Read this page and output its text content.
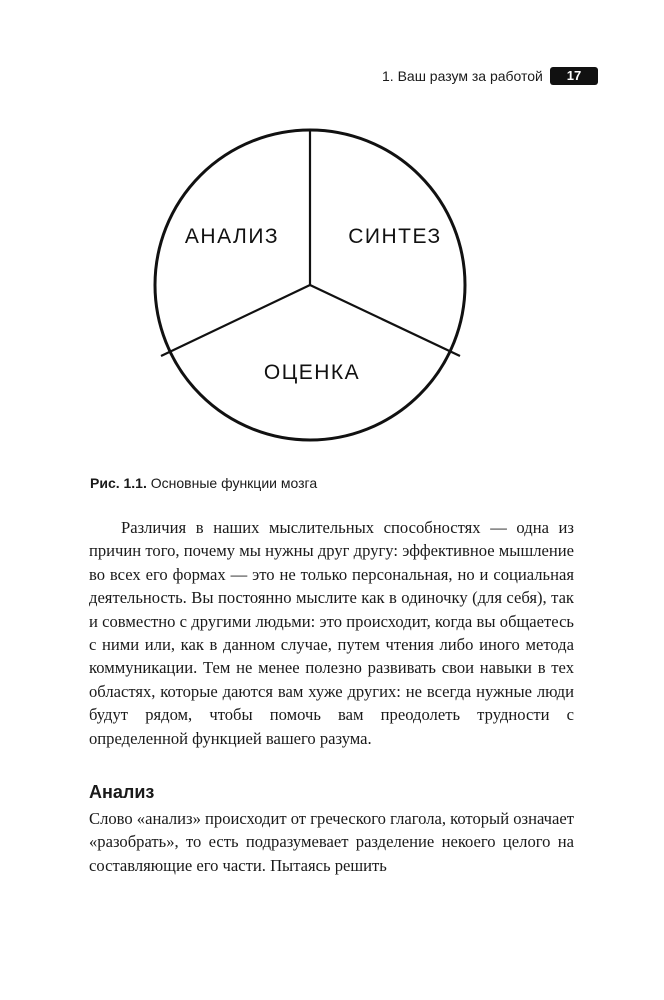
1. Ваш разум за работой	17
АНАЛИЗ	СИНТЕЗ
ОЦЕНКА
Рис. 1.1. Основные функции мозга

Различия в наших мыслительных способностях — одна из причин того, почему мы нужны друг другу: эффективное мышление во всех его формах — это не только персональная, но и социальная деятельность. Вы постоянно мыслите как в одиночку (для себя), так и совместно с другими людьми: это происходит, когда вы общаетесь с ними или, как в данном случае, путем чтения либо иного метода коммуникации. Тем не менее полезно развивать свои навыки в тех областях, которые даются вам хуже других: не всегда нужные люди будут рядом, чтобы помочь вам преодолеть трудности с определенной функцией вашего разума.

Анализ

Слово «анализ» происходит от греческого глагола, который означает «разобрать», то есть подразумевает разделение некоего целого на составляющие его части. Пытаясь решить
